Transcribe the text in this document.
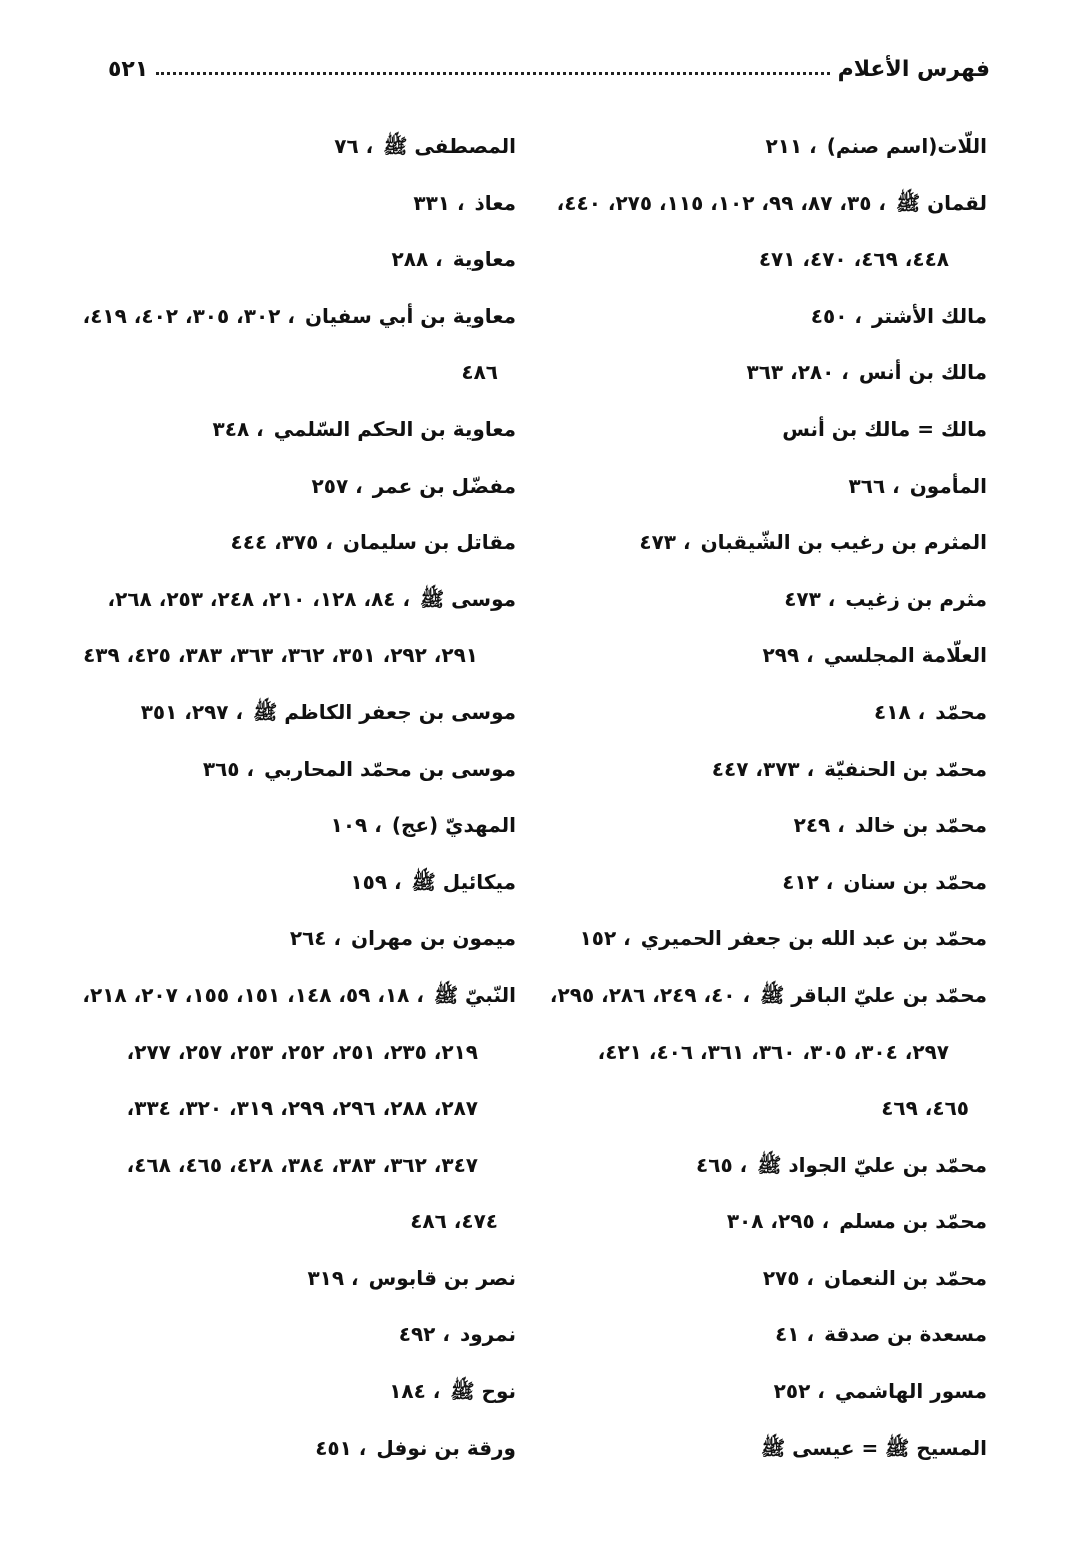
فهرس الأعلام
٥٢١
اللّات(اسم صنم)، ٢١١
لقمان ﷺ، ٣٥، ٨٧، ٩٩، ١٠٢، ١١٥، ٢٧٥، ٤٤٠،
٤٤٨، ٤٦٩، ٤٧٠، ٤٧١
مالك الأشتر، ٤٥٠
مالك بن أنس، ٢٨٠، ٣٦٣
مالك = مالك بن أنس
المأمون، ٣٦٦
المثرم بن رغيب بن الشّيقبان، ٤٧٣
مثرم بن زغيب، ٤٧٣
العلّامة المجلسي، ٢٩٩
محمّد، ٤١٨
محمّد بن الحنفيّة، ٣٧٣، ٤٤٧
محمّد بن خالد، ٢٤٩
محمّد بن سنان، ٤١٢
محمّد بن عبد الله بن جعفر الحميري، ١٥٢
محمّد بن عليّ الباقر ﷺ، ٤٠، ٢٤٩، ٢٨٦، ٢٩٥،
٢٩٧، ٣٠٤، ٣٠٥، ٣٦٠، ٣٦١، ٤٠٦، ٤٢١،
٤٦٥، ٤٦٩
محمّد بن عليّ الجواد ﷺ، ٤٦٥
محمّد بن مسلم، ٢٩٥، ٣٠٨
محمّد بن النعمان، ٢٧٥
مسعدة بن صدقة، ٤١
مسور الهاشمي، ٢٥٢
المسيح ﷺ = عيسى ﷺ
المصطفى ﷺ، ٧٦
معاذ، ٣٣١
معاوية، ٢٨٨
معاوية بن أبي سفيان، ٣٠٢، ٣٠٥، ٤٠٢، ٤١٩،
٤٨٦
معاوية بن الحكم السّلمي، ٣٤٨
مفضّل بن عمر، ٢٥٧
مقاتل بن سليمان، ٣٧٥، ٤٤٤
موسى ﷺ، ٨٤، ١٢٨، ٢١٠، ٢٤٨، ٢٥٣، ٢٦٨،
٢٩١، ٢٩٢، ٣٥١، ٣٦٢، ٣٦٣، ٣٨٣، ٤٢٥، ٤٣٩
موسى بن جعفر الكاظم ﷺ، ٢٩٧، ٣٥١
موسى بن محمّد المحاربي، ٣٦٥
المهديّ (عج)، ١٠٩
ميكائيل ﷺ، ١٥٩
ميمون بن مهران، ٢٦٤
النّبيّ ﷺ، ١٨، ٥٩، ١٤٨، ١٥١، ١٥٥، ٢٠٧، ٢١٨،
٢١٩، ٢٣٥، ٢٥١، ٢٥٢، ٢٥٣، ٢٥٧، ٢٧٧،
٢٨٧، ٢٨٨، ٢٩٦، ٢٩٩، ٣١٩، ٣٢٠، ٣٣٤،
٣٤٧، ٣٦٢، ٣٨٣، ٣٨٤، ٤٢٨، ٤٦٥، ٤٦٨،
٤٧٤، ٤٨٦
نصر بن قابوس، ٣١٩
نمرود، ٤٩٢
نوح ﷺ، ١٨٤
ورقة بن نوفل، ٤٥١
